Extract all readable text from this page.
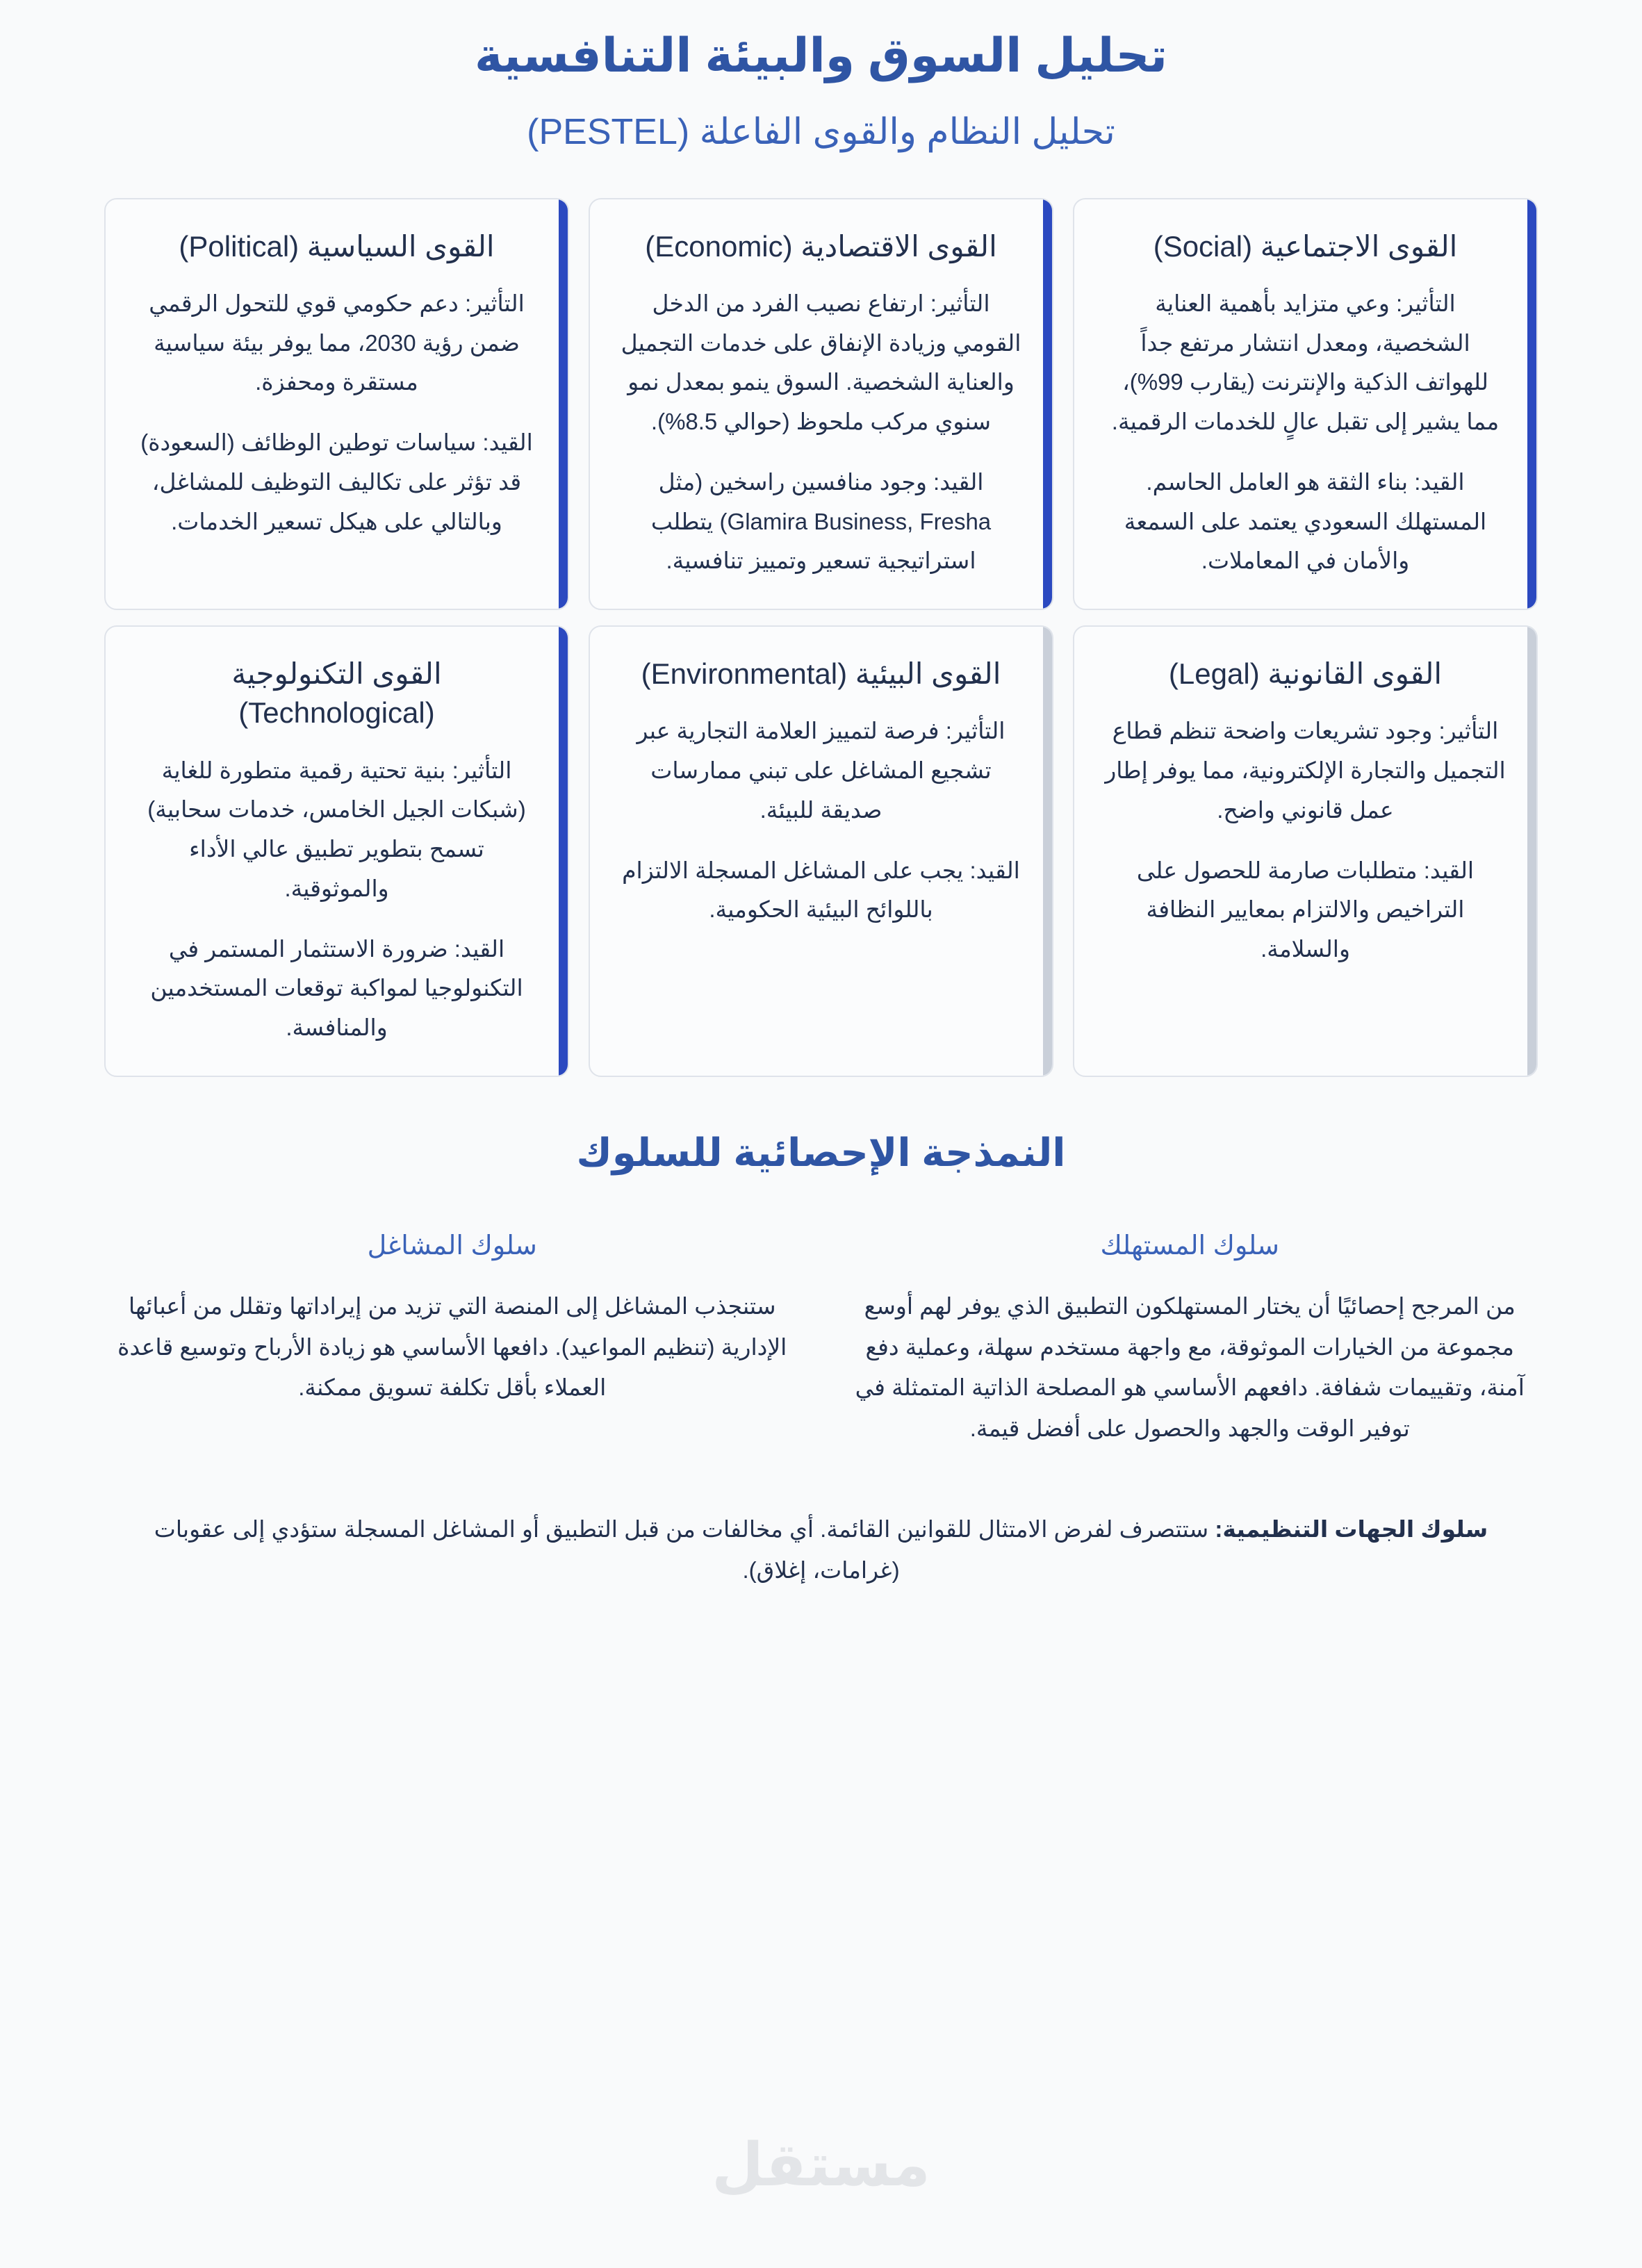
مستقل
تحليل السوق والبيئة التنافسية
تحليل النظام والقوى الفاعلة (PESTEL)
القوى الاجتماعية (Social)

التأثير: وعي متزايد بأهمية العناية الشخصية، ومعدل انتشار مرتفع جداً للهواتف الذكية والإنترنت (يقارب 99%)، مما يشير إلى تقبل عالٍ للخدمات الرقمية.

القيد: بناء الثقة هو العامل الحاسم. المستهلك السعودي يعتمد على السمعة والأمان في المعاملات.

القوى الاقتصادية (Economic)

التأثير: ارتفاع نصيب الفرد من الدخل القومي وزيادة الإنفاق على خدمات التجميل والعناية الشخصية. السوق ينمو بمعدل نمو سنوي مركب ملحوظ (حوالي 8.5%).

القيد: وجود منافسين راسخين (مثل Glamira Business, Fresha) يتطلب استراتيجية تسعير وتمييز تنافسية.

القوى السياسية (Political)

التأثير: دعم حكومي قوي للتحول الرقمي ضمن رؤية 2030، مما يوفر بيئة سياسية مستقرة ومحفزة.

القيد: سياسات توطين الوظائف (السعودة) قد تؤثر على تكاليف التوظيف للمشاغل، وبالتالي على هيكل تسعير الخدمات.

القوى القانونية (Legal)

التأثير: وجود تشريعات واضحة تنظم قطاع التجميل والتجارة الإلكترونية، مما يوفر إطار عمل قانوني واضح.

القيد: متطلبات صارمة للحصول على التراخيص والالتزام بمعايير النظافة والسلامة.

القوى البيئية (Environmental)

التأثير: فرصة لتمييز العلامة التجارية عبر تشجيع المشاغل على تبني ممارسات صديقة للبيئة.

القيد: يجب على المشاغل المسجلة الالتزام باللوائح البيئية الحكومية.

القوى التكنولوجية (Technological)

التأثير: بنية تحتية رقمية متطورة للغاية (شبكات الجيل الخامس، خدمات سحابية) تسمح بتطوير تطبيق عالي الأداء والموثوقية.

القيد: ضرورة الاستثمار المستمر في التكنولوجيا لمواكبة توقعات المستخدمين والمنافسة.

النمذجة الإحصائية للسلوك
سلوك المستهلك

من المرجح إحصائيًا أن يختار المستهلكون التطبيق الذي يوفر لهم أوسع مجموعة من الخيارات الموثوقة، مع واجهة مستخدم سهلة، وعملية دفع آمنة، وتقييمات شفافة. دافعهم الأساسي هو المصلحة الذاتية المتمثلة في توفير الوقت والجهد والحصول على أفضل قيمة.

سلوك المشاغل

ستنجذب المشاغل إلى المنصة التي تزيد من إيراداتها وتقلل من أعبائها الإدارية (تنظيم المواعيد). دافعها الأساسي هو زيادة الأرباح وتوسيع قاعدة العملاء بأقل تكلفة تسويق ممكنة.

سلوك الجهات التنظيمية: ستتصرف لفرض الامتثال للقوانين القائمة. أي مخالفات من قبل التطبيق أو المشاغل المسجلة ستؤدي إلى عقوبات (غرامات، إغلاق).
